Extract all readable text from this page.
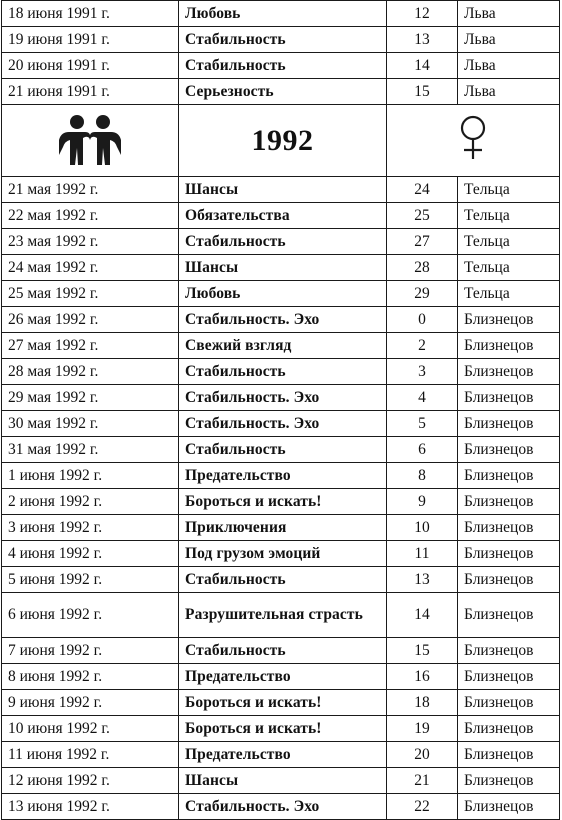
18 июня 1991 г.	Любовь	12	Льва
19 июня 1991 г.	Стабильность	13	Льва
20 июня 1991 г.	Стабильность	14	Льва
21 июня 1991 г.	Серьезность	15	Льва

	1992	
21 мая 1992 г.	Шансы	24	Тельца
22 мая 1992 г.	Обязательства	25	Тельца
23 мая 1992 г.	Стабильность	27	Тельца
24 мая 1992 г.	Шансы	28	Тельца
25 мая 1992 г.	Любовь	29	Тельца
26 мая 1992 г.	Стабильность. Эхо	0	Близнецов
27 мая 1992 г.	Свежий взгляд	2	Близнецов
28 мая 1992 г.	Стабильность	3	Близнецов
29 мая 1992 г.	Стабильность. Эхо	4	Близнецов
30 мая 1992 г.	Стабильность. Эхо	5	Близнецов
31 мая 1992 г.	Стабильность	6	Близнецов
1 июня 1992 г.	Предательство	8	Близнецов
2 июня 1992 г.	Бороться и искать!	9	Близнецов
3 июня 1992 г.	Приключения	10	Близнецов
4 июня 1992 г.	Под грузом эмоций	11	Близнецов
5 июня 1992 г.	Стабильность	13	Близнецов
6 июня 1992 г.	Разрушительная страсть	14	Близнецов
7 июня 1992 г.	Стабильность	15	Близнецов
8 июня 1992 г.	Предательство	16	Близнецов
9 июня 1992 г.	Бороться и искать!	18	Близнецов
10 июня 1992 г.	Бороться и искать!	19	Близнецов
11 июня 1992 г.	Предательство	20	Близнецов
12 июня 1992 г.	Шансы	21	Близнецов
13 июня 1992 г.	Стабильность. Эхо	22	Близнецов
